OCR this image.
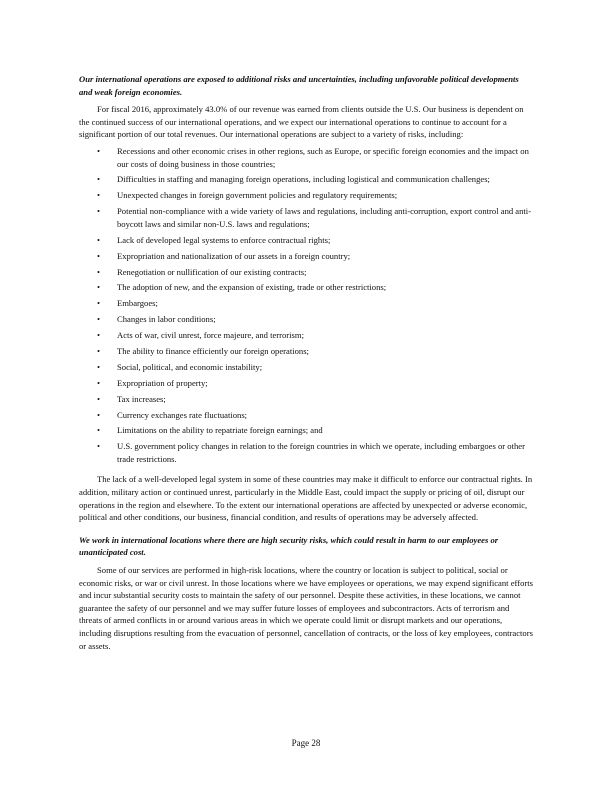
Our international operations are exposed to additional risks and uncertainties, including unfavorable political developments and weak foreign economies.

For fiscal 2016, approximately 43.0% of our revenue was earned from clients outside the U.S. Our business is dependent on the continued success of our international operations, and we expect our international operations to continue to account for a significant portion of our total revenues. Our international operations are subject to a variety of risks, including:

• Recessions and other economic crises in other regions, such as Europe, or specific foreign economies and the impact on our costs of doing business in those countries;
• Difficulties in staffing and managing foreign operations, including logistical and communication challenges;
• Unexpected changes in foreign government policies and regulatory requirements;
• Potential non-compliance with a wide variety of laws and regulations, including anti-corruption, export control and anti-boycott laws and similar non-U.S. laws and regulations;
• Lack of developed legal systems to enforce contractual rights;
• Expropriation and nationalization of our assets in a foreign country;
• Renegotiation or nullification of our existing contracts;
• The adoption of new, and the expansion of existing, trade or other restrictions;
• Embargoes;
• Changes in labor conditions;
• Acts of war, civil unrest, force majeure, and terrorism;
• The ability to finance efficiently our foreign operations;
• Social, political, and economic instability;
• Expropriation of property;
• Tax increases;
• Currency exchanges rate fluctuations;
• Limitations on the ability to repatriate foreign earnings; and
• U.S. government policy changes in relation to the foreign countries in which we operate, including embargoes or other trade restrictions.

The lack of a well-developed legal system in some of these countries may make it difficult to enforce our contractual rights. In addition, military action or continued unrest, particularly in the Middle East, could impact the supply or pricing of oil, disrupt our operations in the region and elsewhere. To the extent our international operations are affected by unexpected or adverse economic, political and other conditions, our business, financial condition, and results of operations may be adversely affected.

We work in international locations where there are high security risks, which could result in harm to our employees or unanticipated cost.

Some of our services are performed in high-risk locations, where the country or location is subject to political, social or economic risks, or war or civil unrest. In those locations where we have employees or operations, we may expend significant efforts and incur substantial security costs to maintain the safety of our personnel. Despite these activities, in these locations, we cannot guarantee the safety of our personnel and we may suffer future losses of employees and subcontractors. Acts of terrorism and threats of armed conflicts in or around various areas in which we operate could limit or disrupt markets and our operations, including disruptions resulting from the evacuation of personnel, cancellation of contracts, or the loss of key employees, contractors or assets.

Page 28
